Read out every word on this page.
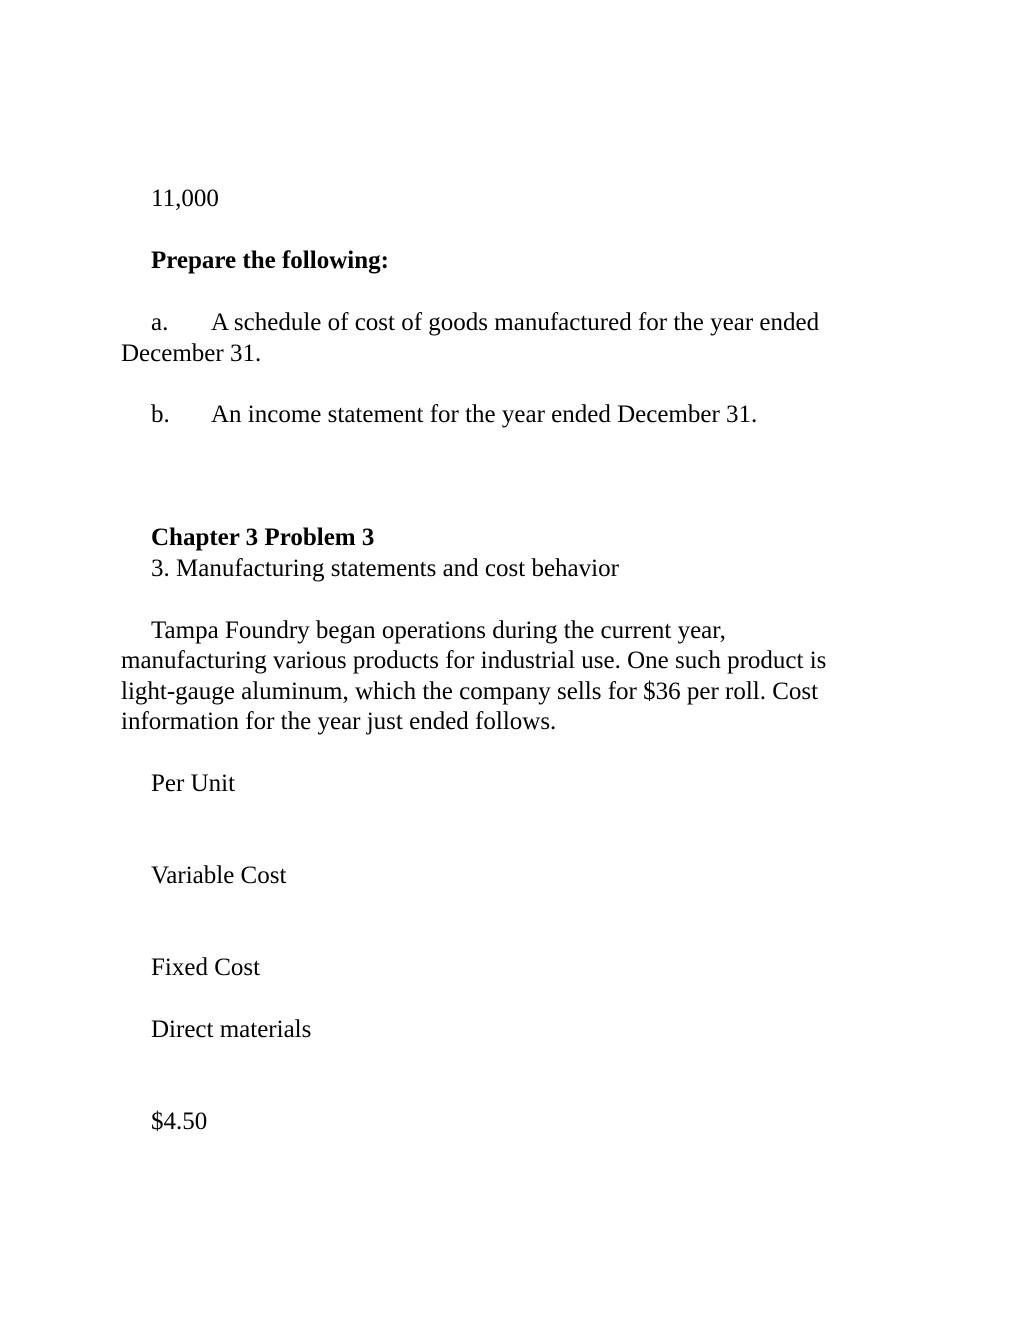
11,000
Prepare the following:
a. A schedule of cost of goods manufactured for the year ended
December 31.
b. An income statement for the year ended December 31.
Chapter 3 Problem 3
3. Manufacturing statements and cost behavior
Tampa Foundry began operations during the current year,
manufacturing various products for industrial use. One such product is
light-gauge aluminum, which the company sells for $36 per roll. Cost
information for the year just ended follows.
Per Unit
Variable Cost
Fixed Cost
Direct materials
$4.50
